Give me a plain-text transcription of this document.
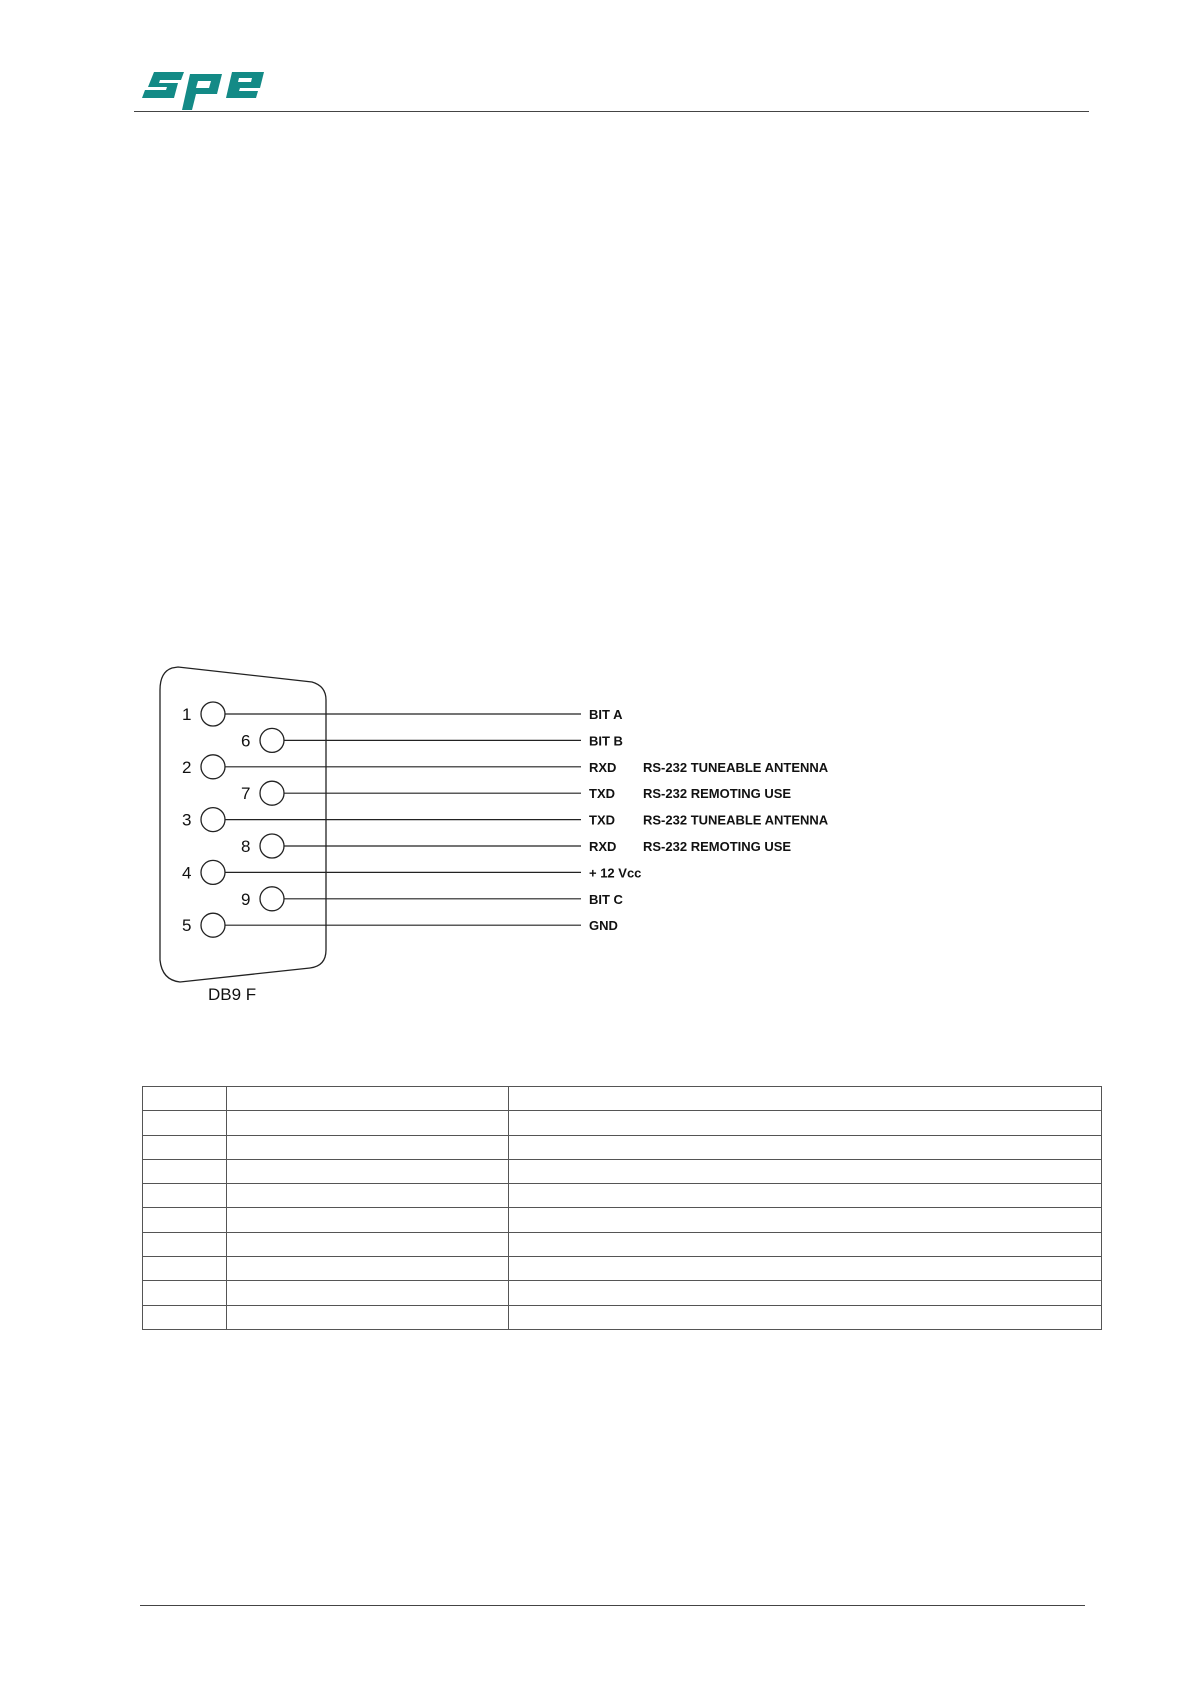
1	BIT A
6	BIT B
2	RXD RS-232 TUNEABLE ANTENNA
7	TXD RS-232 REMOTING USE
3	TXD RS-232 TUNEABLE ANTENNA
8	RXD RS-232 REMOTING USE
4	+ 12 Vcc
9	BIT C
5	GND
DB9 F
